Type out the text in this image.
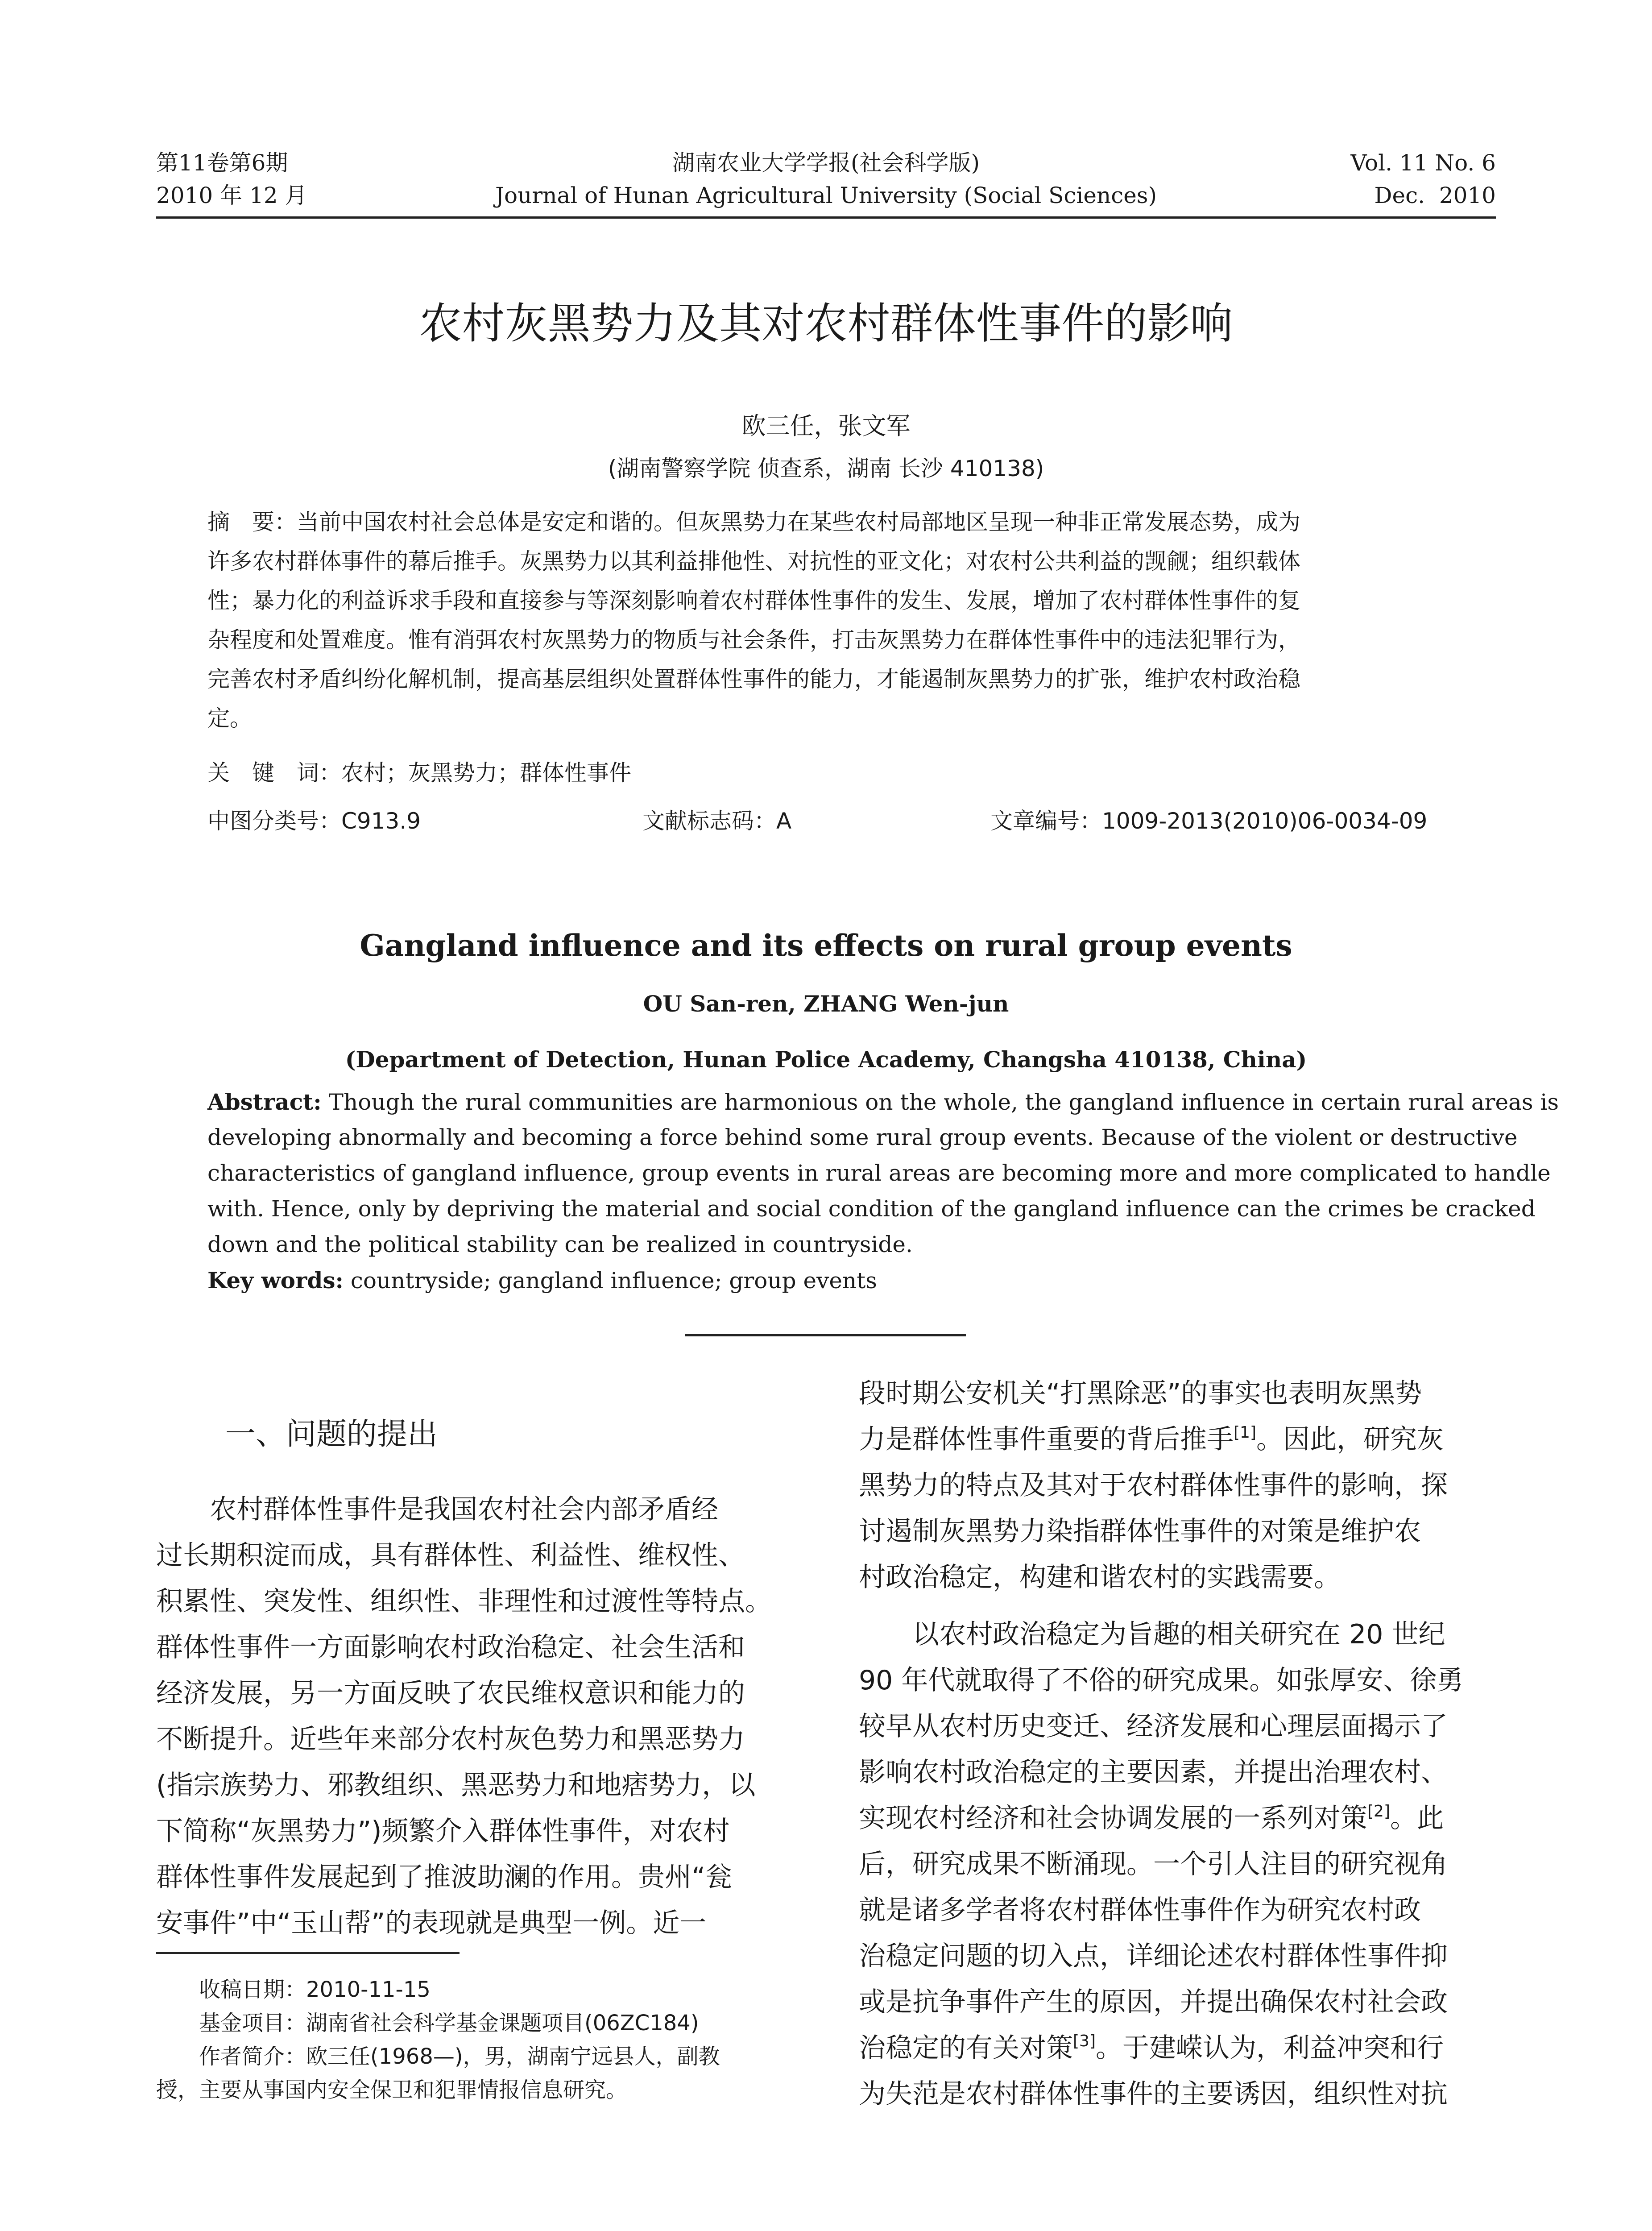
第11卷第6期
2010 年 12 月
湖南农业大学学报(社会科学版)
Journal of Hunan Agricultural University (Social Sciences)
Vol. 11 No. 6
Dec.  2010
农村灰黑势力及其对农村群体性事件的影响
欧三任，张文军
(湖南警察学院 侦查系，湖南 长沙 410138)
摘　要：当前中国农村社会总体是安定和谐的。但灰黑势力在某些农村局部地区呈现一种非正常发展态势，成为
许多农村群体事件的幕后推手。灰黑势力以其利益排他性、对抗性的亚文化；对农村公共利益的觊觎；组织载体
性；暴力化的利益诉求手段和直接参与等深刻影响着农村群体性事件的发生、发展，增加了农村群体性事件的复
杂程度和处置难度。惟有消弭农村灰黑势力的物质与社会条件，打击灰黑势力在群体性事件中的违法犯罪行为，
完善农村矛盾纠纷化解机制，提高基层组织处置群体性事件的能力，才能遏制灰黑势力的扩张，维护农村政治稳
定。
关　键　词：农村；灰黑势力；群体性事件
中图分类号：C913.9	文献标志码：A	文章编号：1009-2013(2010)06-0034-09
Gangland influence and its effects on rural group events
OU San-ren, ZHANG Wen-jun
(Department of Detection, Hunan Police Academy, Changsha 410138, China)
Abstract: Though the rural communities are harmonious on the whole, the gangland influence in certain rural areas is
developing abnormally and becoming a force behind some rural group events. Because of the violent or destructive
characteristics of gangland influence, group events in rural areas are becoming more and more complicated to handle
with. Hence, only by depriving the material and social condition of the gangland influence can the crimes be cracked
down and the political stability can be realized in countryside.
Key words: countryside; gangland influence; group events
一、问题的提出
　　农村群体性事件是我国农村社会内部矛盾经
过长期积淀而成，具有群体性、利益性、维权性、
积累性、突发性、组织性、非理性和过渡性等特点。
群体性事件一方面影响农村政治稳定、社会生活和
经济发展，另一方面反映了农民维权意识和能力的
不断提升。近些年来部分农村灰色势力和黑恶势力
(指宗族势力、邪教组织、黑恶势力和地痞势力，以
下简称“灰黑势力”)频繁介入群体性事件，对农村
群体性事件发展起到了推波助澜的作用。贵州“瓮
安事件”中“玉山帮”的表现就是典型一例。近一
　　收稿日期：2010-11-15
　　基金项目：湖南省社会科学基金课题项目(06ZC184)
　　作者简介：欧三任(1968—)，男，湖南宁远县人，副教
授，主要从事国内安全保卫和犯罪情报信息研究。
段时期公安机关“打黑除恶”的事实也表明灰黑势
力是群体性事件重要的背后推手[1]。因此，研究灰
黑势力的特点及其对于农村群体性事件的影响，探
讨遏制灰黑势力染指群体性事件的对策是维护农
村政治稳定，构建和谐农村的实践需要。
　　以农村政治稳定为旨趣的相关研究在 20 世纪
90 年代就取得了不俗的研究成果。如张厚安、徐勇
较早从农村历史变迁、经济发展和心理层面揭示了
影响农村政治稳定的主要因素，并提出治理农村、
实现农村经济和社会协调发展的一系列对策[2]。此
后，研究成果不断涌现。一个引人注目的研究视角
就是诸多学者将农村群体性事件作为研究农村政
治稳定问题的切入点，详细论述农村群体性事件抑
或是抗争事件产生的原因，并提出确保农村社会政
治稳定的有关对策[3]。于建嵘认为，利益冲突和行
为失范是农村群体性事件的主要诱因，组织性对抗
